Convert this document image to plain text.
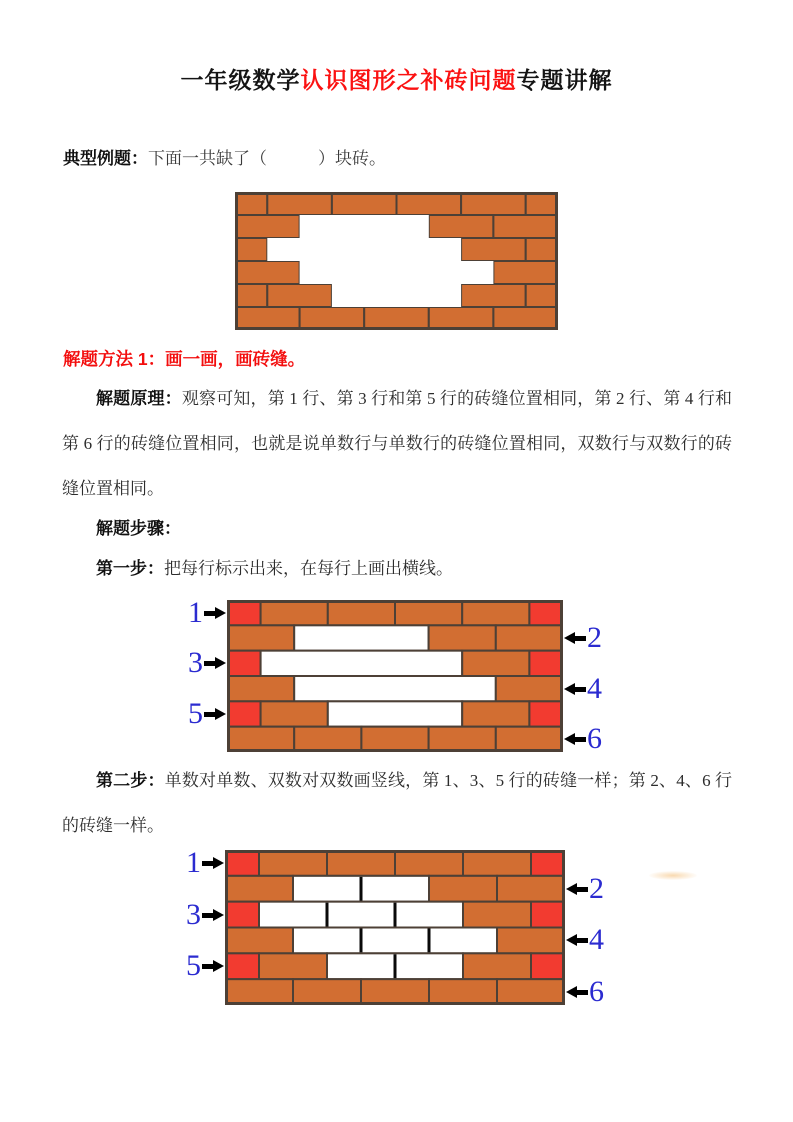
一年级数学认识图形之补砖问题专题讲解
典型例题：下面一共缺了（　　　）块砖。
解题方法 1：画一画，画砖缝。
解题原理：观察可知，第 1 行、第 3 行和第 5 行的砖缝位置相同，第 2 行、第 4 行和第 6 行的砖缝位置相同，也就是说单数行与单数行的砖缝位置相同，双数行与双数行的砖缝位置相同。
解题步骤：
第一步：把每行标示出来，在每行上画出横线。
第二步：单数对单数、双数对双数画竖线，第 1、3、5 行的砖缝一样；第 2、4、6 行的砖缝一样。
1
2
3
4
5
6
1
2
3
4
5
6
